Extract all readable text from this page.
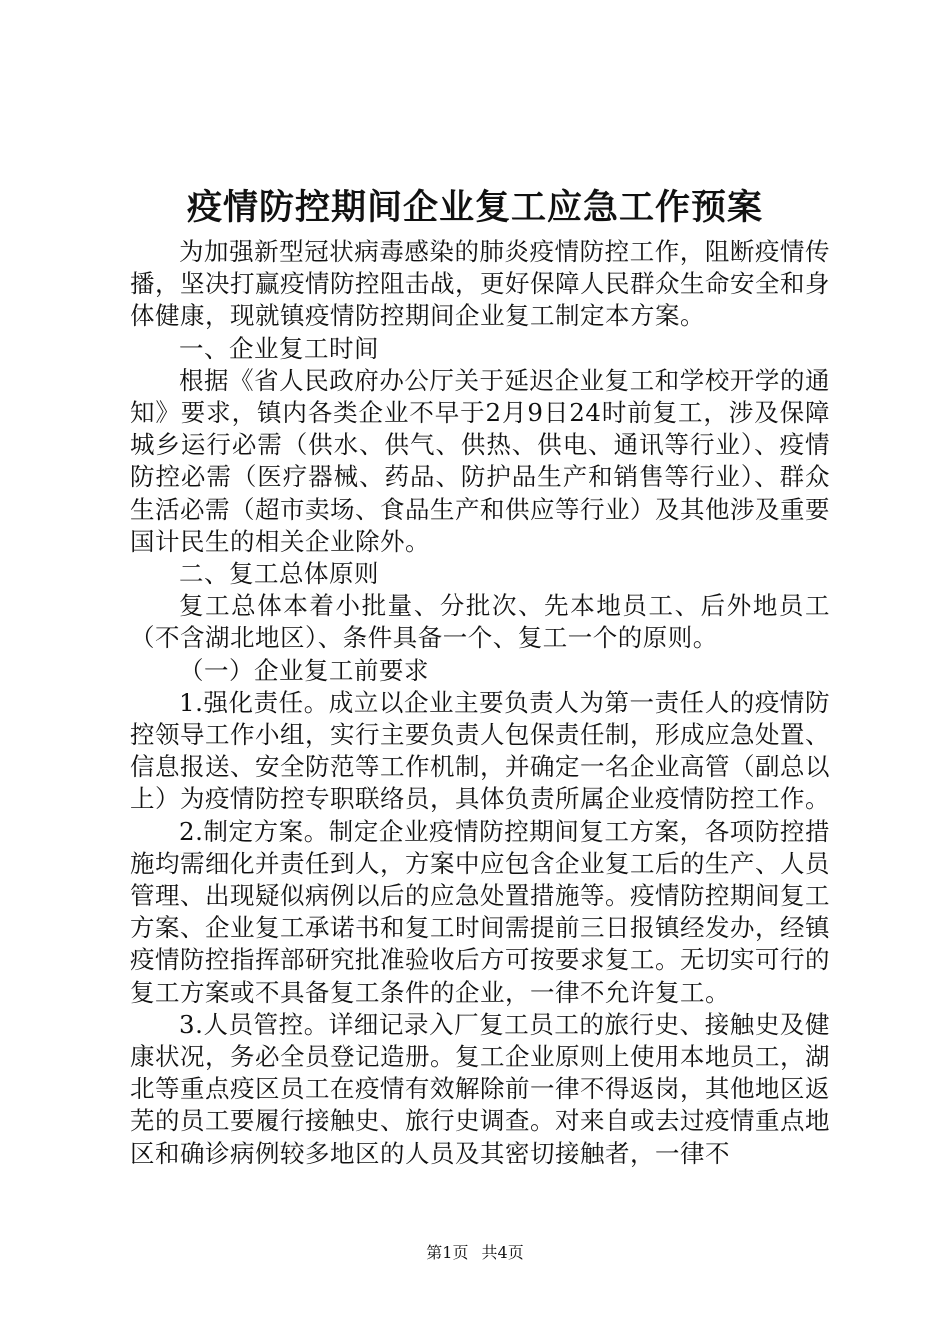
疫情防控期间企业复工应急工作预案

为加强新型冠状病毒感染的肺炎疫情防控工作，阻断疫情传播，坚决打赢疫情防控阻击战，更好保障人民群众生命安全和身体健康，现就镇疫情防控期间企业复工制定本方案。

一、企业复工时间

根据《省人民政府办公厅关于延迟企业复工和学校开学的通知》要求，镇内各类企业不早于2月9日24时前复工，涉及保障城乡运行必需（供水、供气、供热、供电、通讯等行业）、疫情防控必需（医疗器械、药品、防护品生产和销售等行业）、群众生活必需（超市卖场、食品生产和供应等行业）及其他涉及重要国计民生的相关企业除外。

二、复工总体原则

复工总体本着小批量、分批次、先本地员工、后外地员工（不含湖北地区）、条件具备一个、复工一个的原则。

（一）企业复工前要求

1.强化责任。成立以企业主要负责人为第一责任人的疫情防控领导工作小组，实行主要负责人包保责任制，形成应急处置、信息报送、安全防范等工作机制，并确定一名企业高管（副总以上）为疫情防控专职联络员，具体负责所属企业疫情防控工作。

2.制定方案。制定企业疫情防控期间复工方案，各项防控措施均需细化并责任到人，方案中应包含企业复工后的生产、人员管理、出现疑似病例以后的应急处置措施等。疫情防控期间复工方案、企业复工承诺书和复工时间需提前三日报镇经发办，经镇疫情防控指挥部研究批准验收后方可按要求复工。无切实可行的复工方案或不具备复工条件的企业，一律不允许复工。

3.人员管控。详细记录入厂复工员工的旅行史、接触史及健康状况，务必全员登记造册。复工企业原则上使用本地员工，湖北等重点疫区员工在疫情有效解除前一律不得返岗，其他地区返芜的员工要履行接触史、旅行史调查。对来自或去过疫情重点地区和确诊病例较多地区的人员及其密切接触者，一律不

第1页 共4页
